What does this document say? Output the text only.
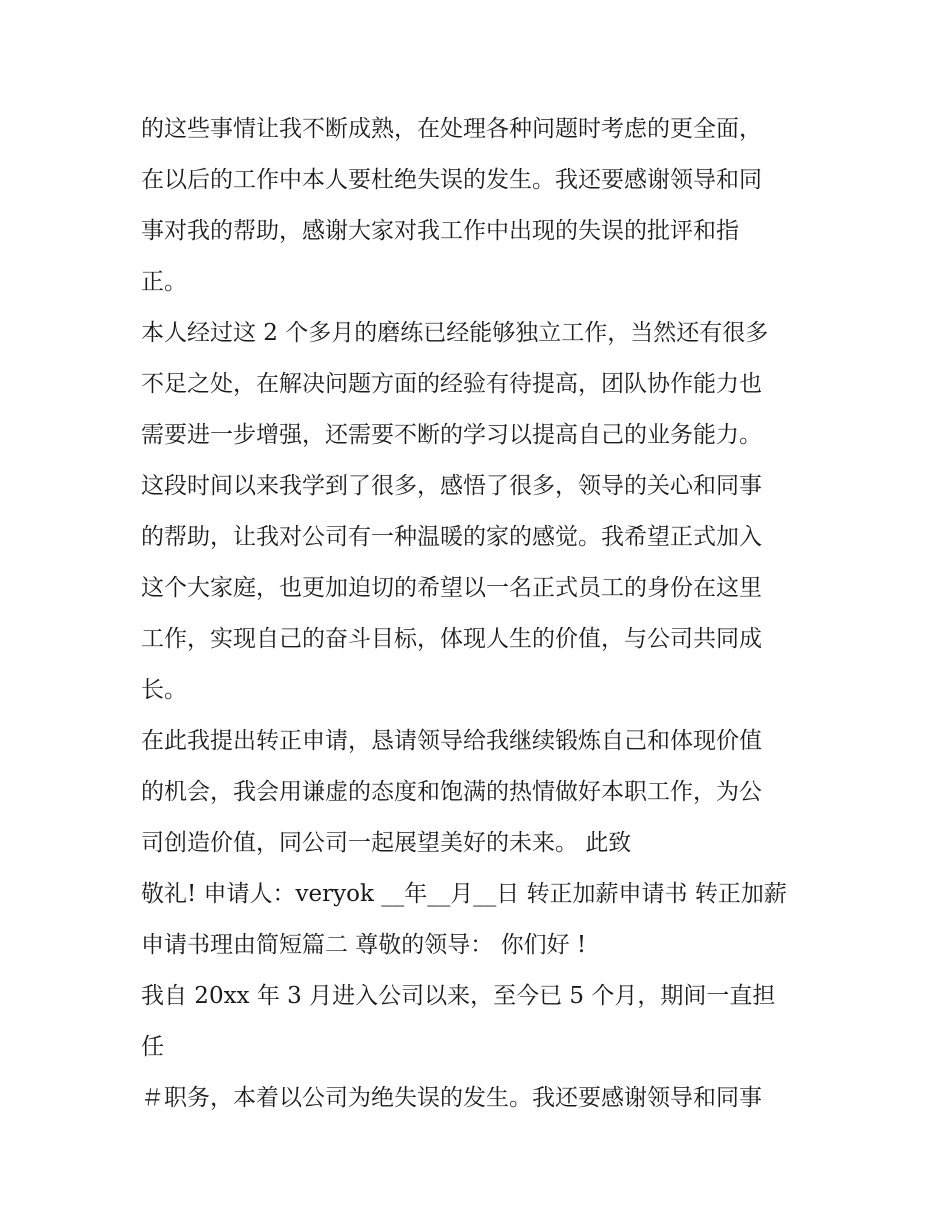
的这些事情让我不断成熟，在处理各种问题时考虑的更全面，
在以后的工作中本人要杜绝失误的发生。我还要感谢领导和同
事对我的帮助，感谢大家对我工作中出现的失误的批评和指
正。
本人经过这 2 个多月的磨练已经能够独立工作，当然还有很多
不足之处，在解决问题方面的经验有待提高，团队协作能力也
需要进一步增强，还需要不断的学习以提高自己的业务能力。
这段时间以来我学到了很多，感悟了很多，领导的关心和同事
的帮助，让我对公司有一种温暖的家的感觉。我希望正式加入
这个大家庭，也更加迫切的希望以一名正式员工的身份在这里
工作，实现自己的奋斗目标，体现人生的价值，与公司共同成
长。
在此我提出转正申请，恳请领导给我继续锻炼自己和体现价值
的机会，我会用谦虚的态度和饱满的热情做好本职工作，为公
司创造价值，同公司一起展望美好的未来。 此致
敬礼! 申请人：veryok __年__月__日 转正加薪申请书 转正加薪
申请书理由简短篇二 尊敬的领导： 你们好 !
我自 20xx 年 3 月进入公司以来，至今已 5 个月，期间一直担
任
＃职务，本着以公司为绝失误的发生。我还要感谢领导和同事
